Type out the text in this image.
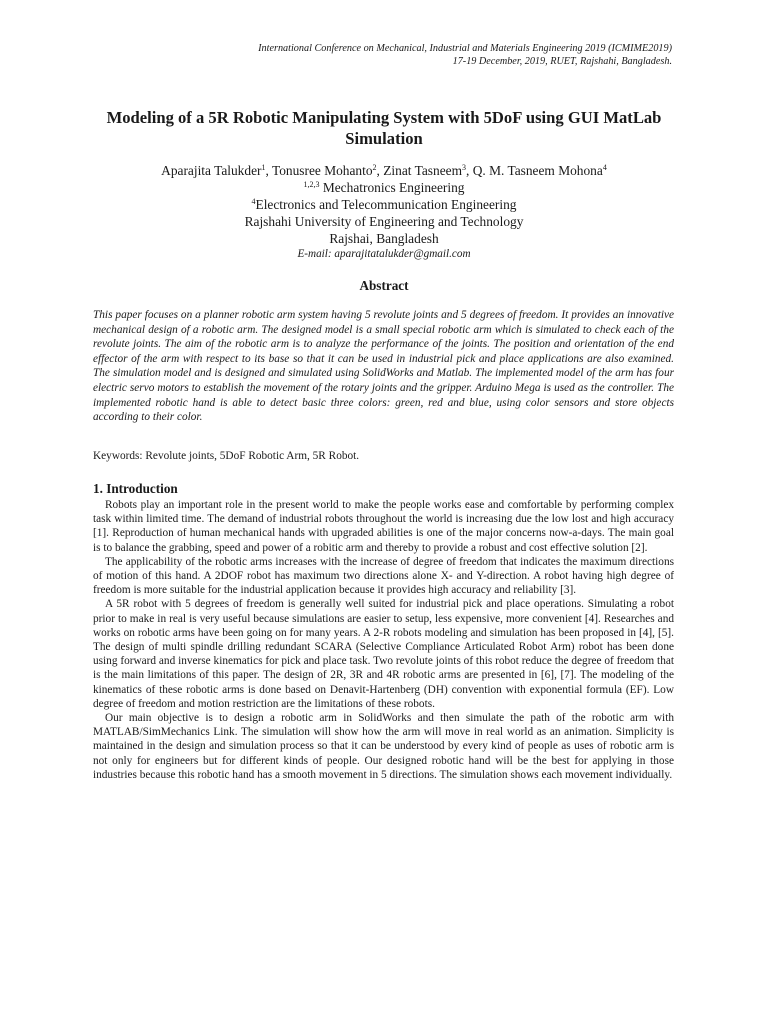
International Conference on Mechanical, Industrial and Materials Engineering 2019 (ICMIME2019)
17-19 December, 2019, RUET, Rajshahi, Bangladesh.
Modeling of a 5R Robotic Manipulating System with 5DoF using GUI MatLab Simulation
Aparajita Talukder$^1$, Tonusree Mohanto$^2$, Zinat Tasneem$^3$, Q. M. Tasneem Mohona$^4$
$^{1,2,3}$ Mechatronics Engineering
$^4$Electronics and Telecommunication Engineering
Rajshahi University of Engineering and Technology
Rajshai, Bangladesh
E-mail: aparajitatalukder@gmail.com
Abstract

This paper focuses on a planner robotic arm system having 5 revolute joints and 5 degrees of freedom. It provides an innovative mechanical design of a robotic arm. The designed model is a small special robotic arm which is simulated to check each of the revolute joints. The aim of the robotic arm is to analyze the performance of the joints. The position and orientation of the end effector of the arm with respect to its base so that it can be used in industrial pick and place applications are also examined. The simulation model and is designed and simulated using SolidWorks and Matlab. The implemented model of the arm has four electric servo motors to establish the movement of the rotary joints and the gripper. Arduino Mega is used as the controller. The implemented robotic hand is able to detect basic three colors: green, red and blue, using color sensors and store objects according to their color.

Keywords: Revolute joints, 5DoF Robotic Arm, 5R Robot.

1. Introduction

Robots play an important role in the present world to make the people works ease and comfortable by performing complex task within limited time. The demand of industrial robots throughout the world is increasing due the low lost and high accuracy [1]. Reproduction of human mechanical hands with upgraded abilities is one of the major concerns now-a-days. The main goal is to balance the grabbing, speed and power of a robitic arm and thereby to provide a robust and cost effective solution [2].

The applicability of the robotic arms increases with the increase of degree of freedom that indicates the maximum directions of motion of this hand. A 2DOF robot has maximum two directions alone X- and Y-direction. A robot having high degree of freedom is more suitable for the industrial application because it provides high accuracy and reliability [3].

A 5R robot with 5 degrees of freedom is generally well suited for industrial pick and place operations. Simulating a robot prior to make in real is very useful because simulations are easier to setup, less expensive, more convenient [4]. Researches and works on robotic arms have been going on for many years. A 2-R robots modeling and simulation has been proposed in [4], [5]. The design of multi spindle drilling redundant SCARA (Selective Compliance Articulated Robot Arm) robot has been done using forward and inverse kinematics for pick and place task. Two revolute joints of this robot reduce the degree of freedom that is the main limitations of this paper. The design of 2R, 3R and 4R robotic arms are presented in [6], [7]. The modeling of the kinematics of these robotic arms is done based on Denavit-Hartenberg (DH) convention with exponential formula (EF). Low degree of freedom and motion restriction are the limitations of these robots.

Our main objective is to design a robotic arm in SolidWorks and then simulate the path of the robotic arm with MATLAB/SimMechanics Link. The simulation will show how the arm will move in real world as an animation. Simplicity is maintained in the design and simulation process so that it can be understood by every kind of people as uses of robotic arm is not only for engineers but for different kinds of people. Our designed robotic hand will be the best for applying in those industries because this robotic hand has a smooth movement in 5 directions. The simulation shows each movement individually.
